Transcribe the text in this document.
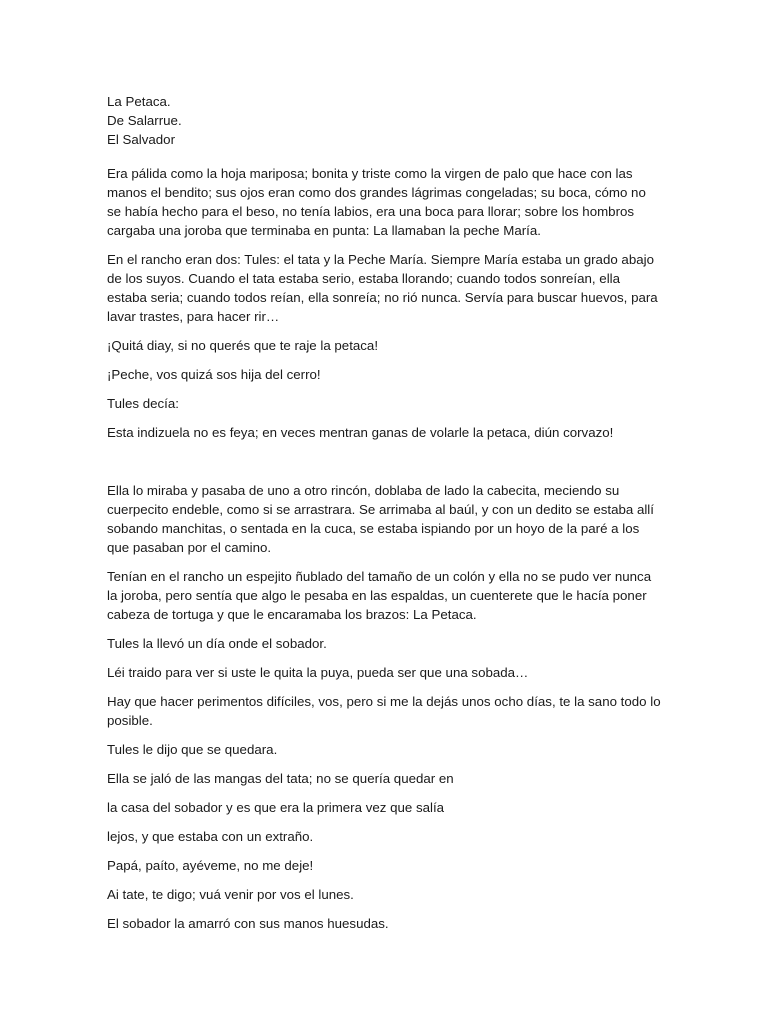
La Petaca.

De Salarrue.

El Salvador

Era pálida como la hoja mariposa; bonita y triste como la virgen de palo que hace con las manos el bendito; sus ojos eran como dos grandes lágrimas congeladas; su boca, cómo no se había hecho para el beso, no tenía labios, era una boca para llorar; sobre los hombros cargaba una joroba que terminaba en punta: La llamaban la peche María.

En el rancho eran dos: Tules: el tata y la Peche María. Siempre María estaba un grado abajo de los suyos. Cuando el tata estaba serio, estaba llorando; cuando todos sonreían, ella estaba seria; cuando todos reían, ella sonreía; no rió nunca. Servía para buscar huevos, para lavar trastes, para hacer rir…

¡Quitá diay, si no querés que te raje la petaca!

¡Peche, vos quizá sos hija del cerro!

Tules decía:

Esta indizuela no es feya; en veces mentran ganas de volarle la petaca, diún corvazo!

Ella lo miraba y pasaba de uno a otro rincón, doblaba de lado la cabecita, meciendo su cuerpecito endeble, como si se arrastrara. Se arrimaba al baúl, y con un dedito se estaba allí sobando manchitas, o sentada en la cuca, se estaba ispiando por un hoyo de la paré a los que pasaban por el camino.

Tenían en el rancho un espejito ñublado del tamaño de un colón y ella no se pudo ver nunca la joroba, pero sentía que algo le pesaba en las espaldas, un cuenterete que le hacía poner cabeza de tortuga y que le encaramaba los brazos: La Petaca.

Tules la llevó un día onde el sobador.

Léi traido para ver si uste le quita la puya, pueda ser que una sobada…

Hay que hacer perimentos difíciles, vos, pero si me la dejás unos ocho días, te la sano todo lo posible.

Tules le dijo que se quedara.

Ella se jaló de las mangas del tata; no se quería quedar en

la casa del sobador y es que era la primera vez que salía

lejos, y que estaba con un extraño.

Papá, paíto, ayéveme, no me deje!

Ai tate, te digo; vuá venir por vos el lunes.

El sobador la amarró con sus manos huesudas.
